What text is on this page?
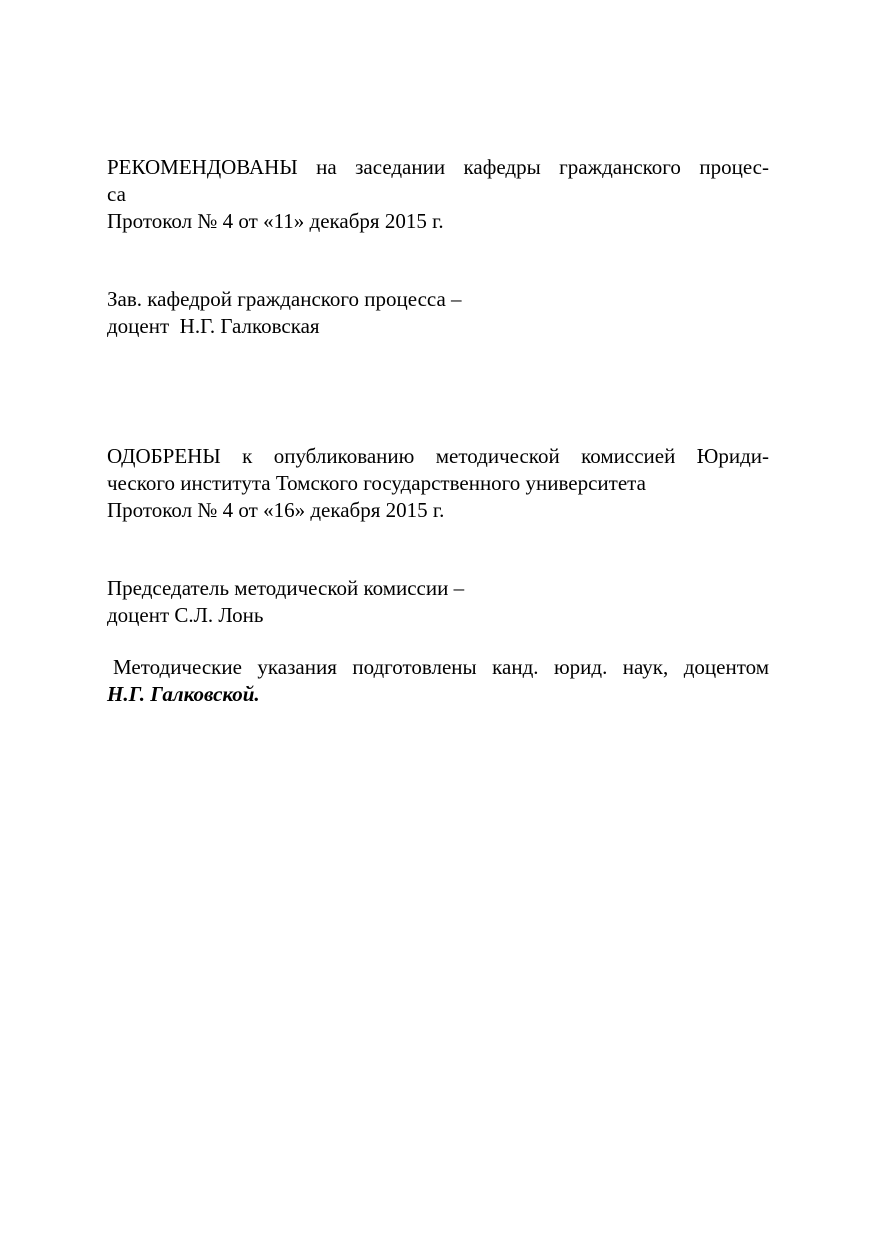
РЕКОМЕНДОВАНЫ на заседании кафедры гражданского процес-
са
Протокол № 4 от «11» декабря 2015 г.
Зав. кафедрой гражданского процесса –
доцент  Н.Г. Галковская
ОДОБРЕНЫ к опубликованию методической комиссией Юриди-
ческого института Томского государственного университета
Протокол № 4 от «16» декабря 2015 г.
Председатель методической комиссии –
доцент С.Л. Лонь
Методические указания подготовлены канд. юрид. наук, доцентом
Н.Г. Галковской.
